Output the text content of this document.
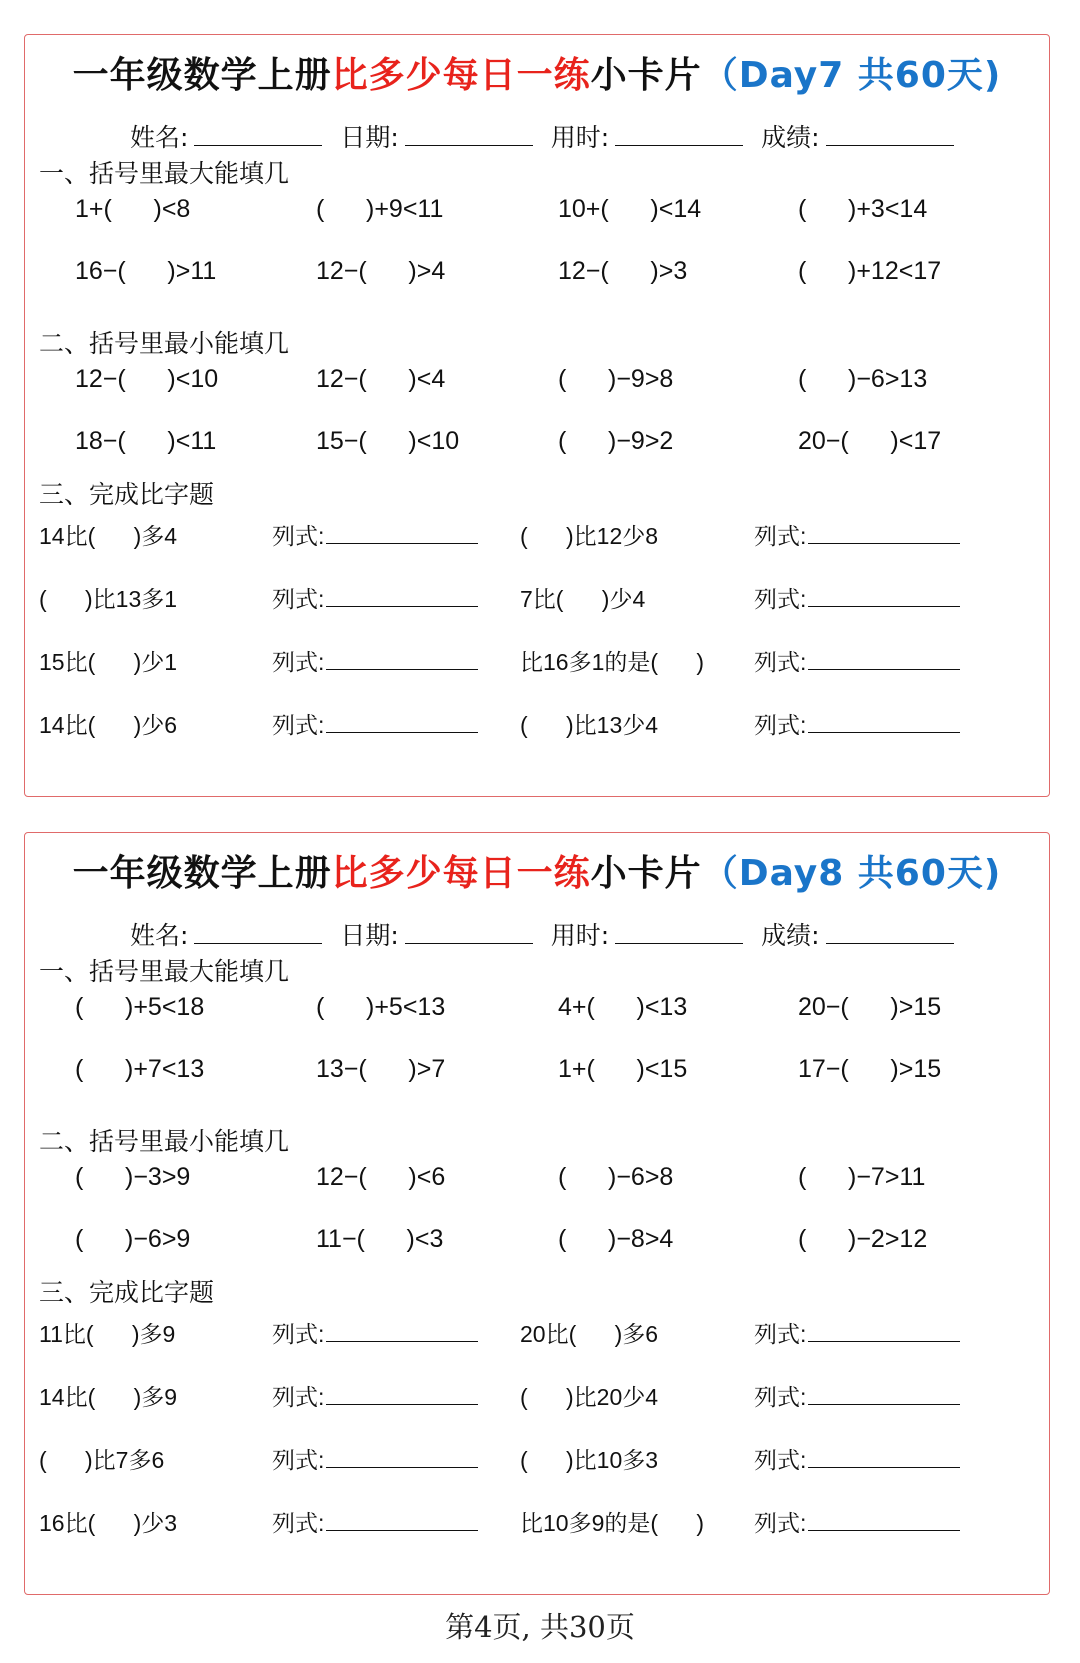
一年级数学上册比多少每日一练小卡片（Day7 共60天)
姓名:	日期:	用时:	成绩:
一、括号里最大能填几
1+(      )<8	(      )+9<11	10+(      )<14	(      )+3<14
16−(      )>11	12−(      )>4	12−(      )>3	(      )+12<17
二、括号里最小能填几
12−(      )<10	12−(      )<4	(      )−9>8	(      )−6>13
18−(      )<11	15−(      )<10	(      )−9>2	20−(      )<17
三、完成比字题
14比(      )多4	列式:	(      )比12少8	列式:
(      )比13多1	列式:	7比(      )少4	列式:
15比(      )少1	列式:	比16多1的是(      ) 列式:
14比(      )少6	列式:	(      )比13少4	列式:
一年级数学上册比多少每日一练小卡片（Day8 共60天)
姓名:	日期:	用时:	成绩:
一、括号里最大能填几
(      )+5<18	(      )+5<13	4+(      )<13	20−(      )>15
(      )+7<13	13−(      )>7	1+(      )<15	17−(      )>15
二、括号里最小能填几
(      )−3>9	12−(      )<6	(      )−6>8	(      )−7>11
(      )−6>9	11−(      )<3	(      )−8>4	(      )−2>12
三、完成比字题
11比(      )多9	列式:	20比(      )多6	列式:
14比(      )多9	列式:	(      )比20少4	列式:
(      )比7多6	列式:	(      )比10多3	列式:
16比(      )少3	列式:	比10多9的是(      ) 列式:
第4页, 共30页
